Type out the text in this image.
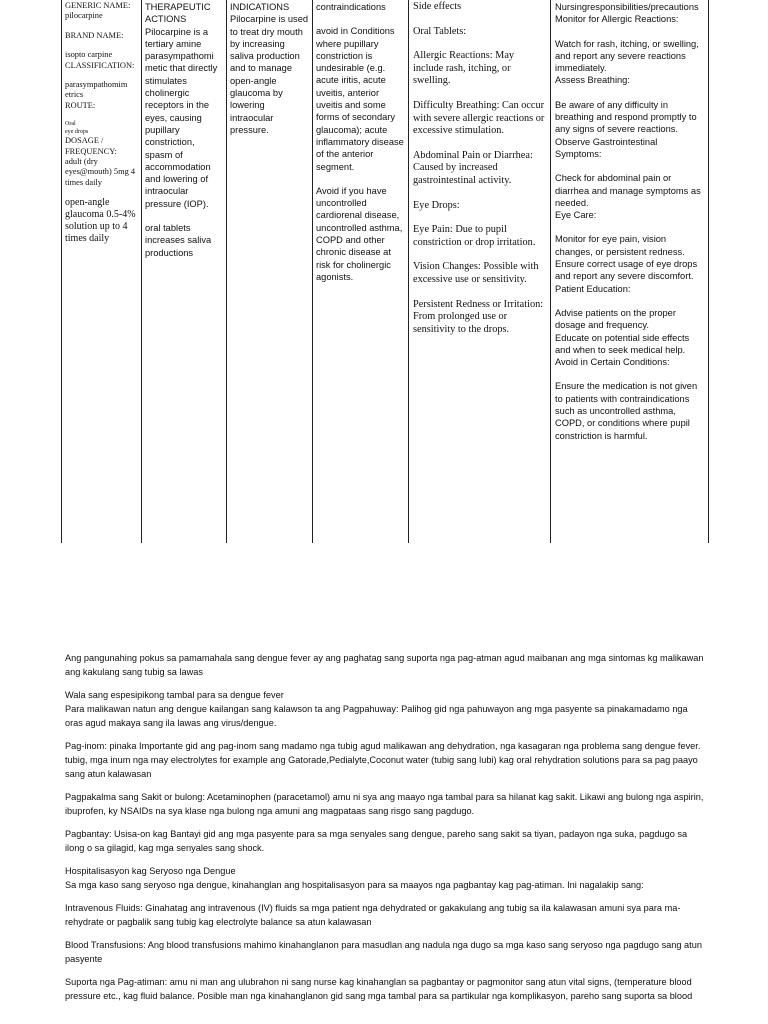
GENERIC NAME:

pilocarpine

BRAND NAME:

isopto carpine

CLASSIFICATION:

parasympathomim etrics

ROUTE:

Oral
eye drops

DOSAGE / FREQUENCY:

adult (dry eyes@mouth) 5mg 4 times daily

open-angle glaucoma 0.5-4% solution up to 4 times daily

THERAPEUTIC ACTIONS

Pilocarpine is a tertiary amine parasympathomi metic that directly stimulates cholinergic receptors in the eyes, causing pupillary constriction, spasm of accommodation and lowering of intraocular pressure (IOP).

oral tablets increases saliva productions

INDICATIONS

Pilocarpine is used to treat dry mouth by increasing saliva production and to manage open-angle glaucoma by lowering intraocular pressure.

contraindications

avoid in Conditions where pupillary constriction is undesirable (e.g. acute iritis, acute uveitis, anterior uveitis and some forms of secondary glaucoma); acute inflammatory disease of the anterior segment.

Avoid if you have uncontrolled cardiorenal disease, uncontrolled asthma, COPD and other chronic disease at risk for cholinergic agonists.

Side effects

Oral Tablets:

Allergic Reactions: May include rash, itching, or swelling.

Difficulty Breathing: Can occur with severe allergic reactions or excessive stimulation.

Abdominal Pain or Diarrhea: Caused by increased gastrointestinal activity.

Eye Drops:

Eye Pain: Due to pupil constriction or drop irritation.

Vision Changes: Possible with excessive use or sensitivity.

Persistent Redness or Irritation: From prolonged use or sensitivity to the drops.

Nursingresponsibilities/precautions

Monitor for Allergic Reactions:

Watch for rash, itching, or swelling, and report any severe reactions immediately.

Assess Breathing:

Be aware of any difficulty in breathing and respond promptly to any signs of severe reactions.

Observe Gastrointestinal Symptoms:

Check for abdominal pain or diarrhea and manage symptoms as needed.

Eye Care:

Monitor for eye pain, vision changes, or persistent redness. Ensure correct usage of eye drops and report any severe discomfort.

Patient Education:

Advise patients on the proper dosage and frequency.

Educate on potential side effects and when to seek medical help.

Avoid in Certain Conditions:

Ensure the medication is not given to patients with contraindications such as uncontrolled asthma, COPD, or conditions where pupil constriction is harmful.

Ang pangunahing pokus sa pamamahala sang dengue fever ay ang paghatag sang suporta nga pag-atman agud maibanan ang mga sintomas kg malikawan ang kakulang sang tubig sa lawas

Wala sang espesipikong tambal para sa dengue fever

Para malikawan natun ang dengue kailangan sang kalawson ta ang Pagpahuway: Palihog gid nga pahuwayon ang mga pasyente sa pinakamadamo nga oras agud makaya sang ila lawas ang virus/dengue.

Pag-inom: pinaka Importante gid ang pag-inom sang madamo nga tubig agud malikawan ang dehydration, nga kasagaran nga problema sang dengue fever. tubig, mga inum nga may electrolytes for example ang Gatorade,Pedialyte,Coconut water (tubig sang lubi) kag oral rehydration solutions para sa pag paayo sang atun kalawasan

Pagpakalma sang Sakit or bulong: Acetaminophen (paracetamol) amu ni sya ang maayo nga tambal para sa hilanat kag sakit. Likawi ang bulong nga aspirin, ibuprofen, ky NSAIDs na sya klase nga bulong nga amuni ang magpataas sang risgo sang pagdugo.

Pagbantay: Usisa-on kag Bantayi gid ang mga pasyente para sa mga senyales sang dengue, pareho sang sakit sa tiyan, padayon nga suka, pagdugo sa ilong o sa gilagid, kag mga senyales sang shock.

Hospitalisasyon kag Seryoso nga Dengue

Sa mga kaso sang seryoso nga dengue, kinahanglan ang hospitalisasyon para sa maayos nga pagbantay kag pag-atiman. Ini nagalakip sang:

Intravenous Fluids: Ginahatag ang intravenous (IV) fluids sa mga patient nga dehydrated or gakakulang ang tubig sa ila kalawasan amuni sya para ma-rehydrate or pagbalik sang tubig kag electrolyte balance sa atun kalawasan

Blood Transfusions: Ang blood transfusions mahimo kinahanglanon para masudlan ang nadula nga dugo sa mga kaso sang seryoso nga pagdugo sang atun pasyente

Suporta nga Pag-atiman: amu ni man ang ulubrahon ni sang nurse kag kinahanglan sa pagbantay or pagmonitor sang atun vital signs, (temperature blood pressure etc., kag fluid balance. Posible man nga kinahanglanon gid sang mga tambal para sa partikular nga komplikasyon, pareho sang suporta sa blood
